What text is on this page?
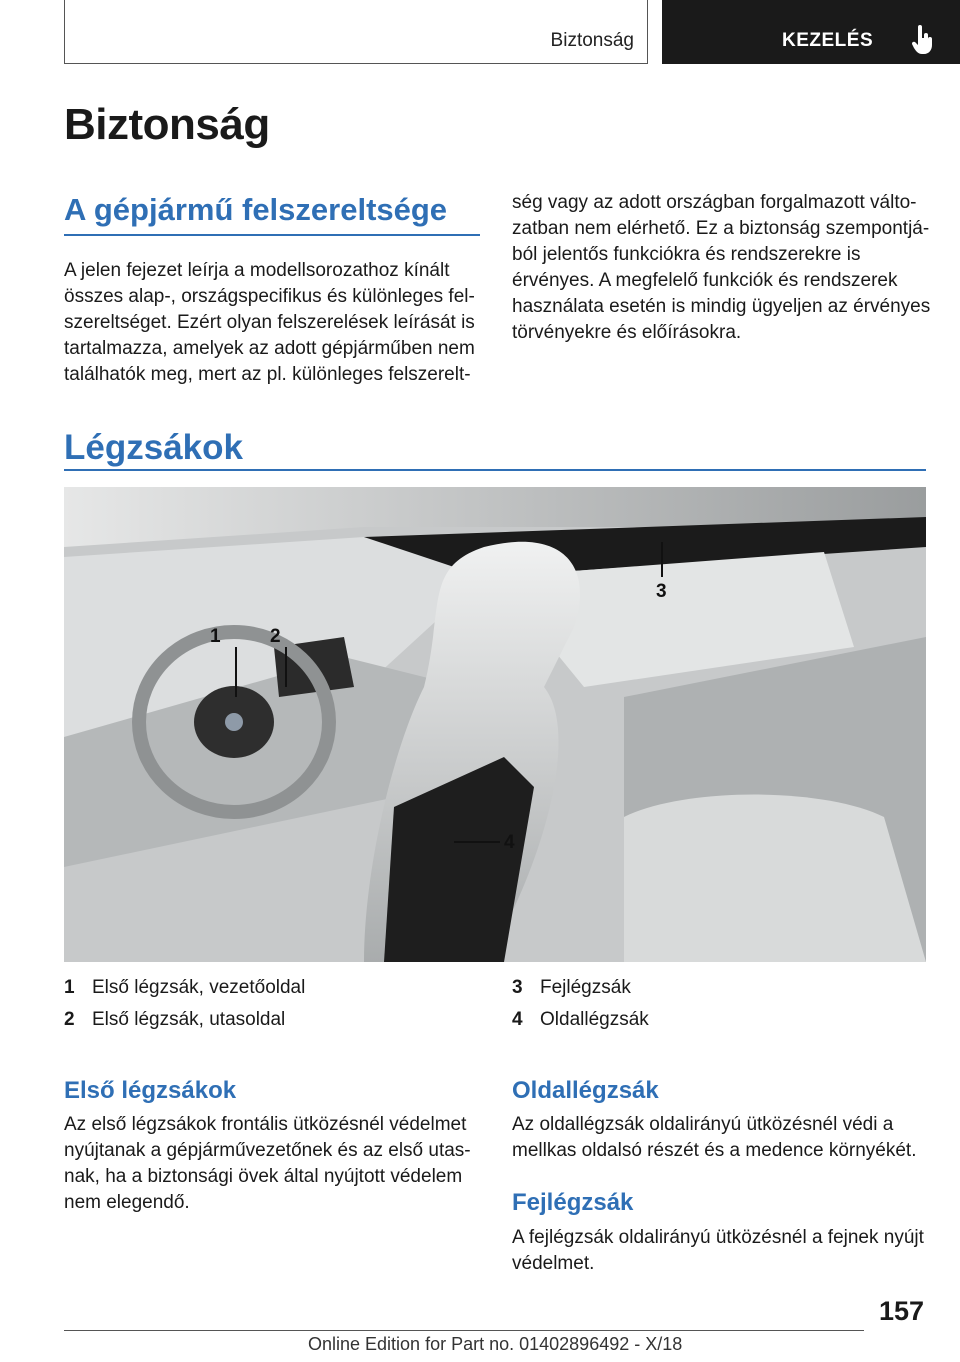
Biztonság	KEZELÉS
Biztonság
A gépjármű felszereltsége
A jelen fejezet leírja a modellsorozathoz kínált
összes alap-, országspecifikus és különleges fel-
szereltséget. Ezért olyan felszerelések leírását is
tartalmazza, amelyek az adott gépjárműben nem
találhatók meg, mert az pl. különleges felszerelt-
ség vagy az adott országban forgalmazott válto-
zatban nem elérhető. Ez a biztonság szempontjá-
ból jelentős funkciókra és rendszerekre is
érvényes. A megfelelő funkciók és rendszerek
használata esetén is mindig ügyeljen az érvényes
törvényekre és előírásokra.
Légzsákok
1	2
3
4
1 Első légzsák, vezetőoldal
2 Első légzsák, utasoldal
3 Fejlégzsák
4 Oldallégzsák
Első légzsákok
Az első légzsákok frontális ütközésnél védelmet
nyújtanak a gépjárművezetőnek és az első utas-
nak, ha a biztonsági övek által nyújtott védelem
nem elegendő.
Oldallégzsák
Az oldallégzsák oldalirányú ütközésnél védi a
mellkas oldalsó részét és a medence környékét.
Fejlégzsák
A fejlégzsák oldalirányú ütközésnél a fejnek nyújt
védelmet.
157
Online Edition for Part no. 01402896492 - X/18
